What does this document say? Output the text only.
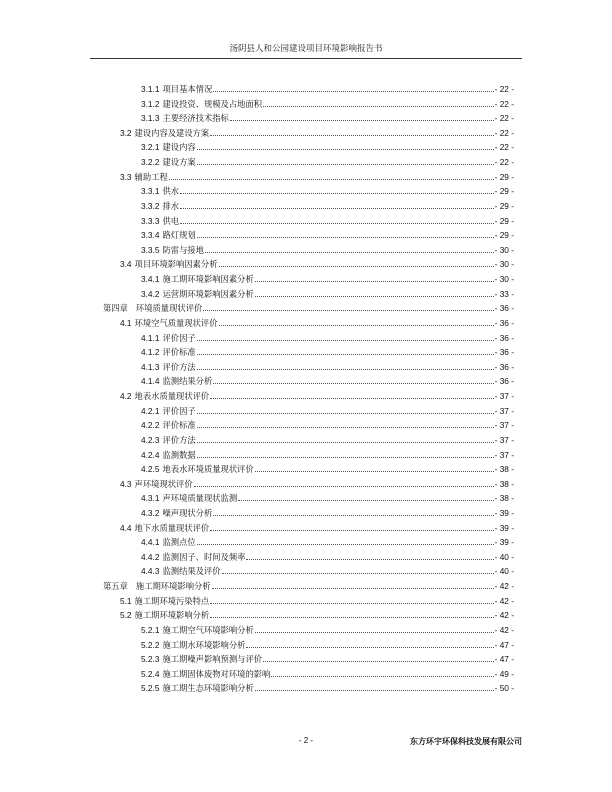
汤阴县人和公园建设项目环境影响报告书
3.1.1 项目基本情况	- 22 -
3.1.2 建设投资、规模及占地面积	- 22 -
3.1.3 主要经济技术指标	- 22 -
3.2 建设内容及建设方案	- 22 -
3.2.1 建设内容	- 22 -
3.2.2 建设方案	- 22 -
3.3 辅助工程	- 29 -
3.3.1 供水	- 29 -
3.3.2 排水	- 29 -
3.3.3 供电	- 29 -
3.3.4 路灯规划	- 29 -
3.3.5 防雷与接地	- 30 -
3.4 项目环境影响因素分析	- 30 -
3.4.1 施工期环境影响因素分析	- 30 -
3.4.2 运营期环境影响因素分析	- 33 -
第四章 环境质量现状评价	- 36 -
4.1 环境空气质量现状评价	- 36 -
4.1.1 评价因子	- 36 -
4.1.2 评价标准	- 36 -
4.1.3 评价方法	- 36 -
4.1.4 监测结果分析	- 36 -
4.2 地表水质量现状评价	- 37 -
4.2.1 评价因子	- 37 -
4.2.2 评价标准	- 37 -
4.2.3 评价方法	- 37 -
4.2.4 监测数据	- 37 -
4.2.5 地表水环境质量现状评价	- 38 -
4.3 声环境现状评价	- 38 -
4.3.1 声环境质量现状监测	- 38 -
4.3.2 噪声现状分析	- 39 -
4.4 地下水质量现状评价	- 39 -
4.4.1 监测点位	- 39 -
4.4.2 监测因子、时间及频率	- 40 -
4.4.3 监测结果及评价	- 40 -
第五章 施工期环境影响分析	- 42 -
5.1 施工期环境污染特点	- 42 -
5.2 施工期环境影响分析	- 42 -
5.2.1 施工期空气环境影响分析	- 42 -
5.2.2 施工期水环境影响分析	- 47 -
5.2.3 施工期噪声影响预测与评价	- 47 -
5.2.4 施工期固体废物对环境的影响	- 49 -
5.2.5 施工期生态环境影响分析	- 50 -
- 2 -	东方环宇环保科技发展有限公司
